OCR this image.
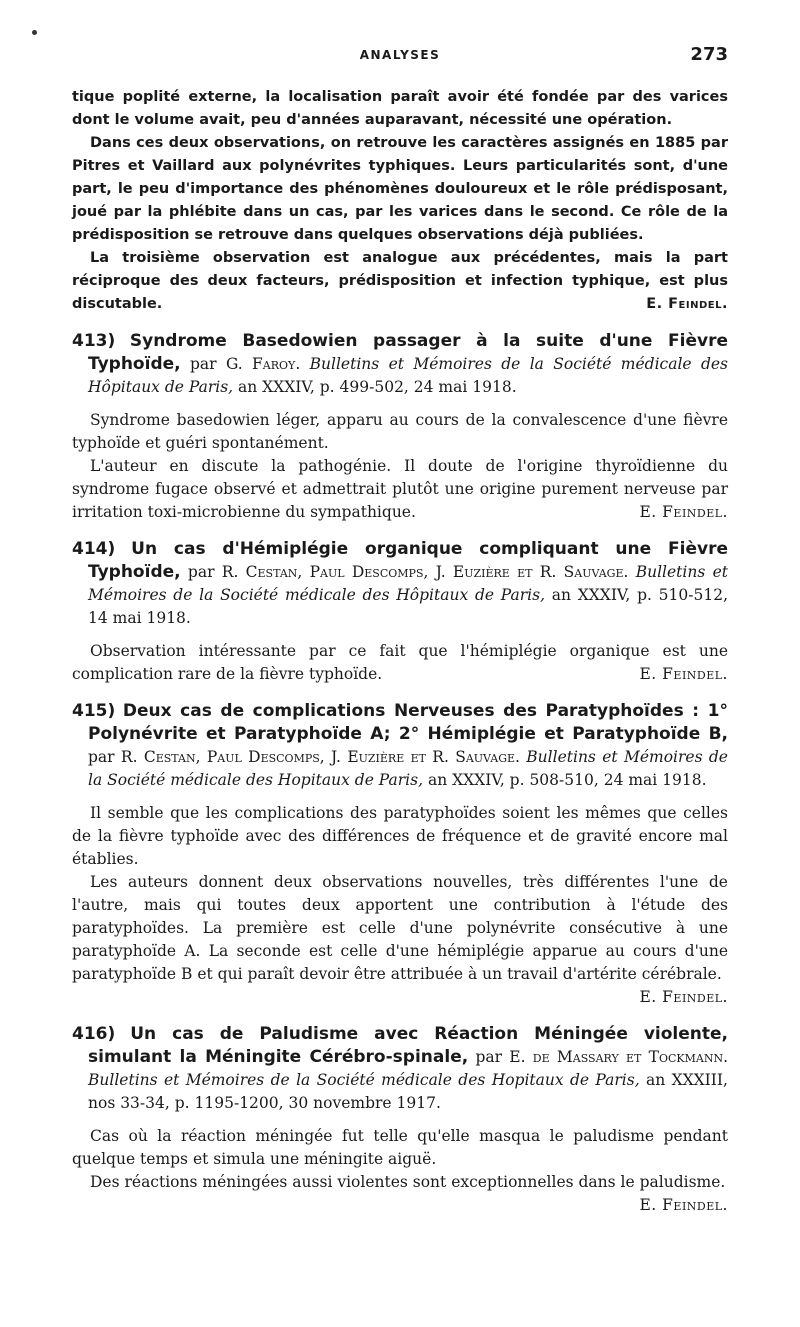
ANALYSES	273

tique poplité externe, la localisation paraît avoir été fondée par des varices dont le volume avait, peu d'années auparavant, nécessité une opération.

Dans ces deux observations, on retrouve les caractères assignés en 1885 par Pitres et Vaillard aux polynévrites typhiques. Leurs particularités sont, d'une part, le peu d'importance des phénomènes douloureux et le rôle prédisposant, joué par la phlébite dans un cas, par les varices dans le second. Ce rôle de la prédisposition se retrouve dans quelques observations déjà publiées.

La troisième observation est analogue aux précédentes, mais la part réciproque des deux facteurs, prédisposition et infection typhique, est plus discutable.	E. Feindel.

413) Syndrome Basedowien passager à la suite d'une Fièvre Typhoïde, par G. Faroy. Bulletins et Mémoires de la Société médicale des Hôpitaux de Paris, an XXXIV, p. 499-502, 24 mai 1918.

Syndrome basedowien léger, apparu au cours de la convalescence d'une fièvre typhoïde et guéri spontanément.

L'auteur en discute la pathogénie. Il doute de l'origine thyroïdienne du syndrome fugace observé et admettrait plutôt une origine purement nerveuse par irritation toxi-microbienne du sympathique.	E. Feindel.

414) Un cas d'Hémiplégie organique compliquant une Fièvre Typhoïde, par R. Cestan, Paul Descomps, J. Euzière et R. Sauvage. Bulletins et Mémoires de la Société médicale des Hôpitaux de Paris, an XXXIV, p. 510-512, 14 mai 1918.

Observation intéressante par ce fait que l'hémiplégie organique est une complication rare de la fièvre typhoïde.	E. Feindel.

415) Deux cas de complications Nerveuses des Paratyphoïdes : 1° Polynévrite et Paratyphoïde A; 2° Hémiplégie et Paratyphoïde B, par R. Cestan, Paul Descomps, J. Euzière et R. Sauvage. Bulletins et Mémoires de la Société médicale des Hopitaux de Paris, an XXXIV, p. 508-510, 24 mai 1918.

Il semble que les complications des paratyphoïdes soient les mêmes que celles de la fièvre typhoïde avec des différences de fréquence et de gravité encore mal établies.

Les auteurs donnent deux observations nouvelles, très différentes l'une de l'autre, mais qui toutes deux apportent une contribution à l'étude des paratyphoïdes. La première est celle d'une polynévrite consécutive à une paratyphoïde A. La seconde est celle d'une hémiplégie apparue au cours d'une paratyphoïde B et qui paraît devoir être attribuée à un travail d'artérite cérébrale.

E. Feindel.

416) Un cas de Paludisme avec Réaction Méningée violente, simulant la Méningite Cérébro-spinale, par E. de Massary et Tockmann. Bulletins et Mémoires de la Société médicale des Hopitaux de Paris, an XXXIII, nos 33-34, p. 1195-1200, 30 novembre 1917.

Cas où la réaction méningée fut telle qu'elle masqua le paludisme pendant quelque temps et simula une méningite aiguë.

Des réactions méningées aussi violentes sont exceptionnelles dans le paludisme.
E. Feindel.
